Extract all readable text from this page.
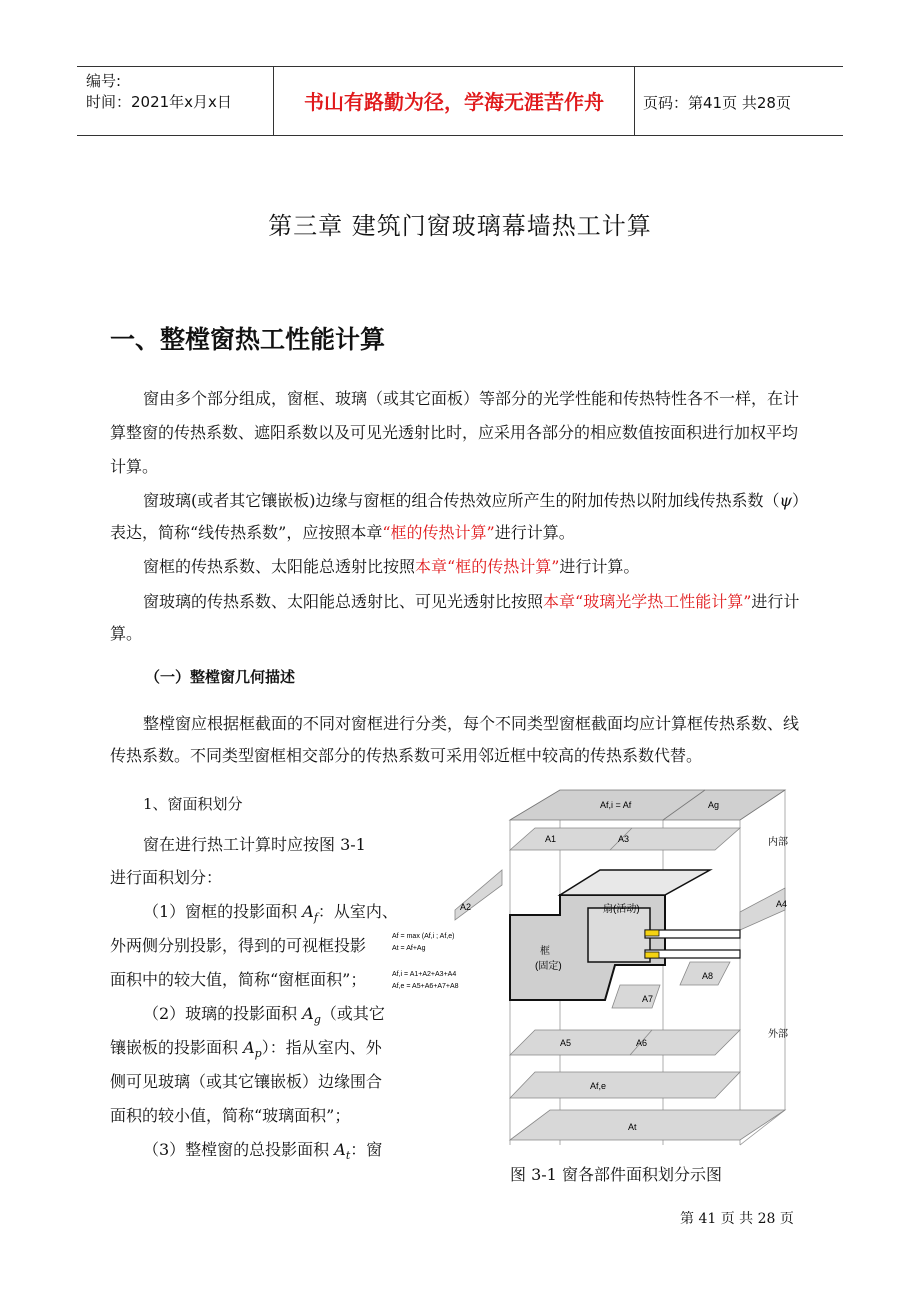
编号:
时间：2021年x月x日	书山有路勤为径，学海无涯苦作舟	页码：第41页 共28页
第三章 建筑门窗玻璃幕墙热工计算
一、整樘窗热工性能计算
窗由多个部分组成，窗框、玻璃（或其它面板）等部分的光学性能和传热特性各不一样，在计
算整窗的传热系数、遮阳系数以及可见光透射比时，应采用各部分的相应数值按面积进行加权平均
计算。
窗玻璃(或者其它镶嵌板)边缘与窗框的组合传热效应所产生的附加传热以附加线传热系数（ψ）
表达，简称“线传热系数”，应按照本章“框的传热计算”进行计算。
窗框的传热系数、太阳能总透射比按照本章“框的传热计算”进行计算。
窗玻璃的传热系数、太阳能总透射比、可见光透射比按照本章“玻璃光学热工性能计算”进行计
算。
（一）整樘窗几何描述
整樘窗应根据框截面的不同对窗框进行分类，每个不同类型窗框截面均应计算框传热系数、线
传热系数。不同类型窗框相交部分的传热系数可采用邻近框中较高的传热系数代替。
1、窗面积划分
窗在进行热工计算时应按图 3-1
进行面积划分：
（1）窗框的投影面积 $A_f$：从室内、
外两侧分别投影，得到的可视框投影
面积中的较大值，简称“窗框面积”；
（2）玻璃的投影面积 $A_g$（或其它
镶嵌板的投影面积 $A_p$）：指从室内、外
侧可见玻璃（或其它镶嵌板）边缘围合
面积的较小值，简称“玻璃面积”；
（3）整樘窗的总投影面积 $A_t$：窗
Af,i = Af	Ag
A1	A3	内部
A2	A4
扇(活动)
框
(固定)
Af = max (Af,i ; Af,e)
At = Af+Ag
Af,i = A1+A2+A3+A4
Af,e = A5+A6+A7+A8
A8
A7
外部
A5	A6
Af,e
At
图 3-1 窗各部件面积划分示图
第 41 页 共 28 页
